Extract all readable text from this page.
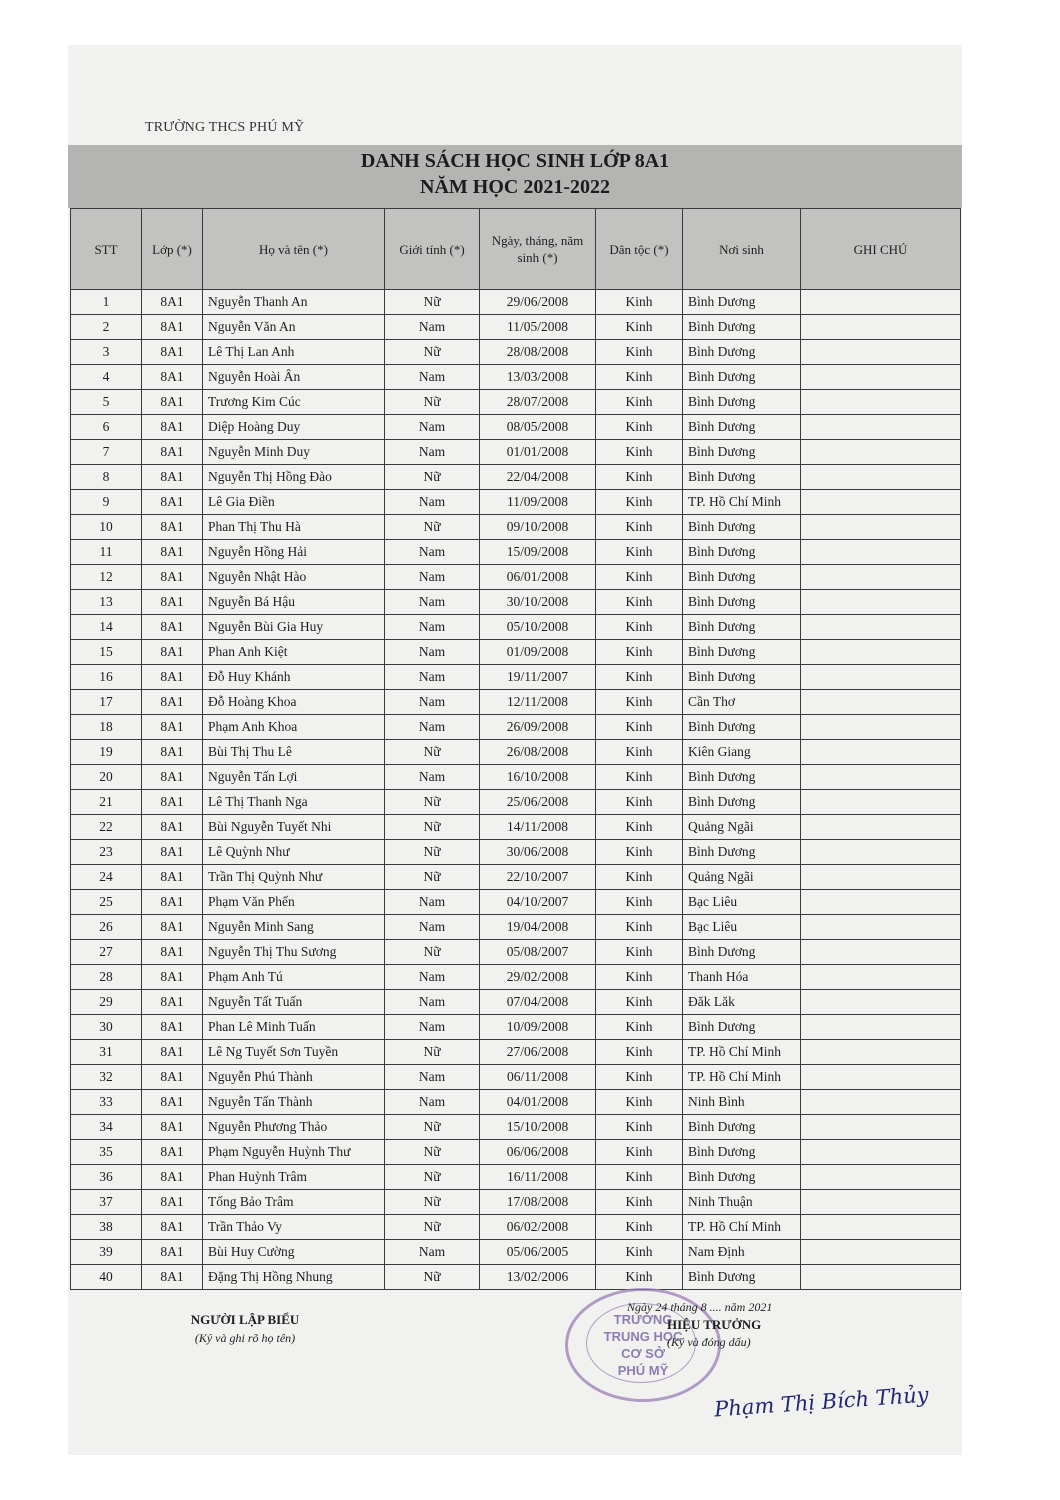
TRƯỜNG THCS PHÚ MỸ
DANH SÁCH HỌC SINH LỚP 8A1
NĂM HỌC 2021-2022
STT	Lớp (*)	Họ và tên (*)	Giới tính (*)	Ngày, tháng, năm sinh (*)	Dân tộc (*)	Nơi sinh	GHI CHÚ
1	8A1	Nguyễn Thanh An	Nữ	29/06/2008	Kinh	Bình Dương	
2	8A1	Nguyễn Văn An	Nam	11/05/2008	Kinh	Bình Dương	
3	8A1	Lê Thị Lan Anh	Nữ	28/08/2008	Kinh	Bình Dương	
4	8A1	Nguyễn Hoài Ân	Nam	13/03/2008	Kinh	Bình Dương	
5	8A1	Trương Kim Cúc	Nữ	28/07/2008	Kinh	Bình Dương	
6	8A1	Diệp Hoàng Duy	Nam	08/05/2008	Kinh	Bình Dương	
7	8A1	Nguyễn Minh Duy	Nam	01/01/2008	Kinh	Bình Dương	
8	8A1	Nguyễn Thị Hồng Đào	Nữ	22/04/2008	Kinh	Bình Dương	
9	8A1	Lê Gia Điền	Nam	11/09/2008	Kinh	TP. Hồ Chí Minh	
10	8A1	Phan Thị Thu Hà	Nữ	09/10/2008	Kinh	Bình Dương	
11	8A1	Nguyễn Hồng Hải	Nam	15/09/2008	Kinh	Bình Dương	
12	8A1	Nguyễn Nhật Hào	Nam	06/01/2008	Kinh	Bình Dương	
13	8A1	Nguyễn Bá Hậu	Nam	30/10/2008	Kinh	Bình Dương	
14	8A1	Nguyễn Bùi Gia Huy	Nam	05/10/2008	Kinh	Bình Dương	
15	8A1	Phan Anh Kiệt	Nam	01/09/2008	Kinh	Bình Dương	
16	8A1	Đỗ Huy Khánh	Nam	19/11/2007	Kinh	Bình Dương	
17	8A1	Đỗ Hoàng Khoa	Nam	12/11/2008	Kinh	Cần Thơ	
18	8A1	Phạm Anh Khoa	Nam	26/09/2008	Kinh	Bình Dương	
19	8A1	Bùi Thị Thu Lê	Nữ	26/08/2008	Kinh	Kiên Giang	
20	8A1	Nguyễn Tấn Lợi	Nam	16/10/2008	Kinh	Bình Dương	
21	8A1	Lê Thị Thanh Nga	Nữ	25/06/2008	Kinh	Bình Dương	
22	8A1	Bùi Nguyễn Tuyết Nhi	Nữ	14/11/2008	Kinh	Quảng Ngãi	
23	8A1	Lê Quỳnh Như	Nữ	30/06/2008	Kinh	Bình Dương	
24	8A1	Trần Thị Quỳnh Như	Nữ	22/10/2007	Kinh	Quảng Ngãi	
25	8A1	Phạm Văn Phến	Nam	04/10/2007	Kinh	Bạc Liêu	
26	8A1	Nguyễn Minh Sang	Nam	19/04/2008	Kinh	Bạc Liêu	
27	8A1	Nguyễn Thị Thu Sương	Nữ	05/08/2007	Kinh	Bình Dương	
28	8A1	Phạm Anh Tú	Nam	29/02/2008	Kinh	Thanh Hóa	
29	8A1	Nguyễn Tất Tuấn	Nam	07/04/2008	Kinh	Đăk Lăk	
30	8A1	Phan Lê Minh Tuấn	Nam	10/09/2008	Kinh	Bình Dương	
31	8A1	Lê Ng Tuyết Sơn Tuyền	Nữ	27/06/2008	Kinh	TP. Hồ Chí Minh	
32	8A1	Nguyễn Phú Thành	Nam	06/11/2008	Kinh	TP. Hồ Chí Minh	
33	8A1	Nguyễn Tấn Thành	Nam	04/01/2008	Kinh	Ninh Bình	
34	8A1	Nguyễn Phương Thảo	Nữ	15/10/2008	Kinh	Bình Dương	
35	8A1	Phạm Nguyễn Huỳnh Thư	Nữ	06/06/2008	Kinh	Bình Dương	
36	8A1	Phan Huỳnh Trâm	Nữ	16/11/2008	Kinh	Bình Dương	
37	8A1	Tống Bảo Trâm	Nữ	17/08/2008	Kinh	Ninh Thuận	
38	8A1	Trần Thảo Vy	Nữ	06/02/2008	Kinh	TP. Hồ Chí Minh	
39	8A1	Bùi Huy Cường	Nam	05/06/2005	Kinh	Nam Định	
40	8A1	Đặng Thị Hồng Nhung	Nữ	13/02/2006	Kinh	Bình Dương	
NGƯỜI LẬP BIỂU
(Ký và ghi rõ họ tên)
TRƯỜNG
TRUNG HỌC
CƠ SỞ
PHÚ MỸ
Ngày 24 tháng 8 .... năm 2021
HIỆU TRƯỞNG
(Ký và đóng dấu)
Phạm Thị Bích Thủy
